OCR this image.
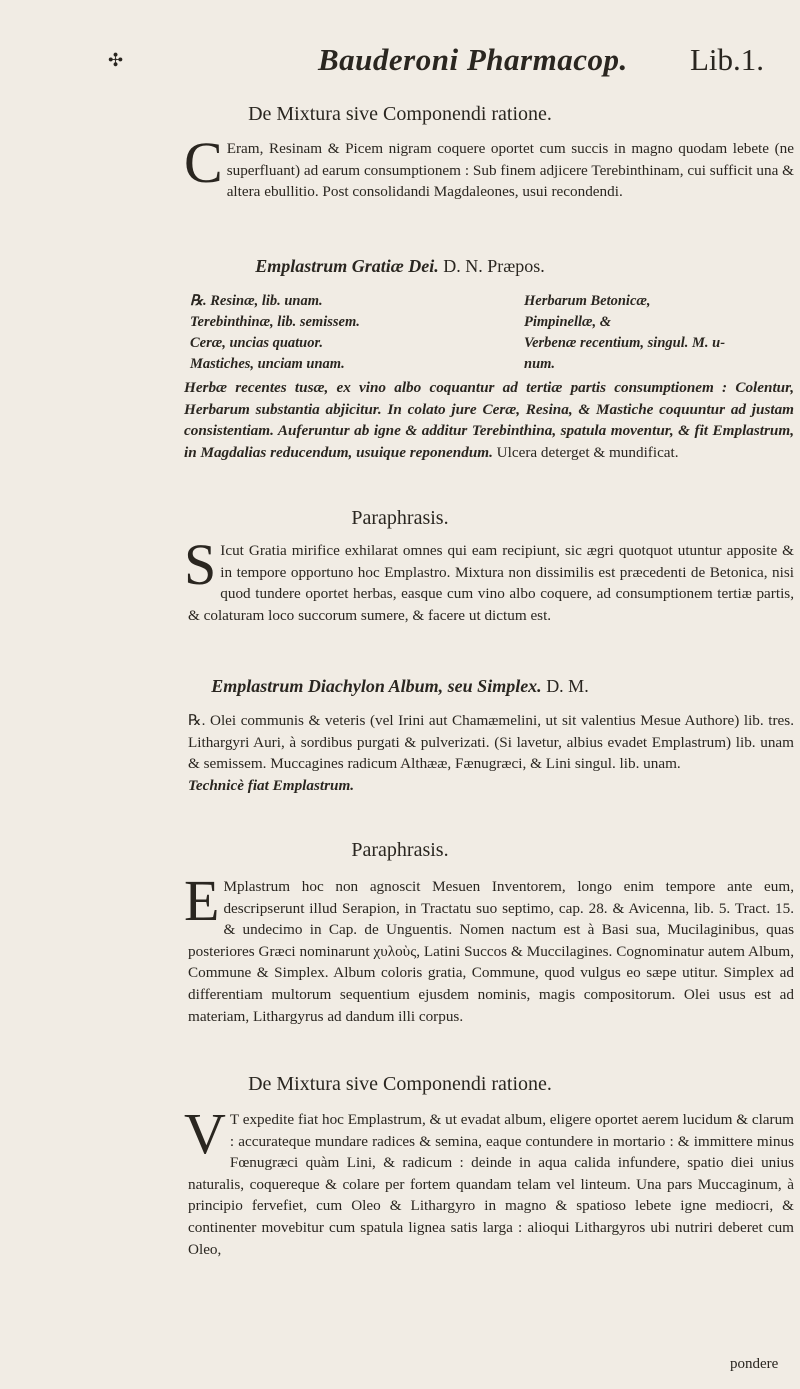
✣	Bauderoni Pharmacop. Lib.1.
De Mixtura sive Componendi ratione.
C Eram, Resinam & Picem nigram coquere oportet cum succis in magno quodam lebete (ne superfluant) ad earum consumptionem : Sub finem adjicere Terebinthinam, cui sufficit una & altera ebullitio. Post consolidandi Magdaleones, usui recondendi.
Emplastrum Gratiæ Dei. D. N. Præpos.
℞. Resinæ, lib. unam.
Terebinthinæ, lib. semissem.
Ceræ, uncias quatuor.
Mastiches, unciam unam.
Herbarum Betonicæ,
Pimpinellæ, &
Verbenæ recentium, singul. M. u-
num.
Herbæ recentes tusæ, ex vino albo coquantur ad tertiæ partis consumptionem : Colentur, Herbarum substantia abjicitur. In colato jure Ceræ, Resina, & Mastiche coquuntur ad justam consistentiam. Auferuntur ab igne & additur Terebinthina, spatula moventur, & fit Emplastrum, in Magdalias reducendum, usuique reponendum. Ulcera deterget & mundificat.
Paraphrasis.
S Icut Gratia mirifice exhilarat omnes qui eam recipiunt, sic ægri quotquot utuntur apposite & in tempore opportuno hoc Emplastro. Mixtura non dissimilis est præcedenti de Betonica, nisi quod tundere oportet herbas, easque cum vino albo coquere, ad consumptionem tertiæ partis, & colaturam loco succorum sumere, & facere ut dictum est.
Emplastrum Diachylon Album, seu Simplex. D. M.
℞. Olei communis & veteris (vel Irini aut Chamæmelini, ut sit valentius Mesue Authore) lib. tres. Lithargyri Auri, à sordibus purgati & pulverizati. (Si lavetur, albius evadet Emplastrum) lib. unam & semissem. Muccagines radicum Althææ, Fænugræci, & Lini singul. lib. unam.
Technicè fiat Emplastrum.
Paraphrasis.
E Mplastrum hoc non agnoscit Mesuen Inventorem, longo enim tempore ante eum, descripserunt illud Serapion, in Tractatu suo septimo, cap. 28. & Avicenna, lib. 5. Tract. 15. & undecimo in Cap. de Unguentis. Nomen nactum est à Basi sua, Mucilaginibus, quas posteriores Græci nominarunt χυλοὺς, Latini Succos & Muccilagines. Cognominatur autem Album, Commune & Simplex. Album coloris gratia, Commune, quod vulgus eo sæpe utitur. Simplex ad differentiam multorum sequentium ejusdem nominis, magis compositorum. Olei usus est ad materiam, Lithargyrus ad dandum illi corpus.
De Mixtura sive Componendi ratione.
V T expedite fiat hoc Emplastrum, & ut evadat album, eligere oportet aerem lucidum & clarum : accurateque mundare radices & semina, eaque contundere in mortario : & immittere minus Fœnugræci quàm Lini, & radicum : deinde in aqua calida infundere, spatio diei unius naturalis, coquereque & colare per fortem quandam telam vel linteum. Una pars Muccaginum, à principio fervefiet, cum Oleo & Lithargyro in magno & spatioso lebete igne mediocri, & continenter movebitur cum spatula lignea satis larga : alioqui Lithargyros ubi nutriri deberet cum Oleo,
pondere
